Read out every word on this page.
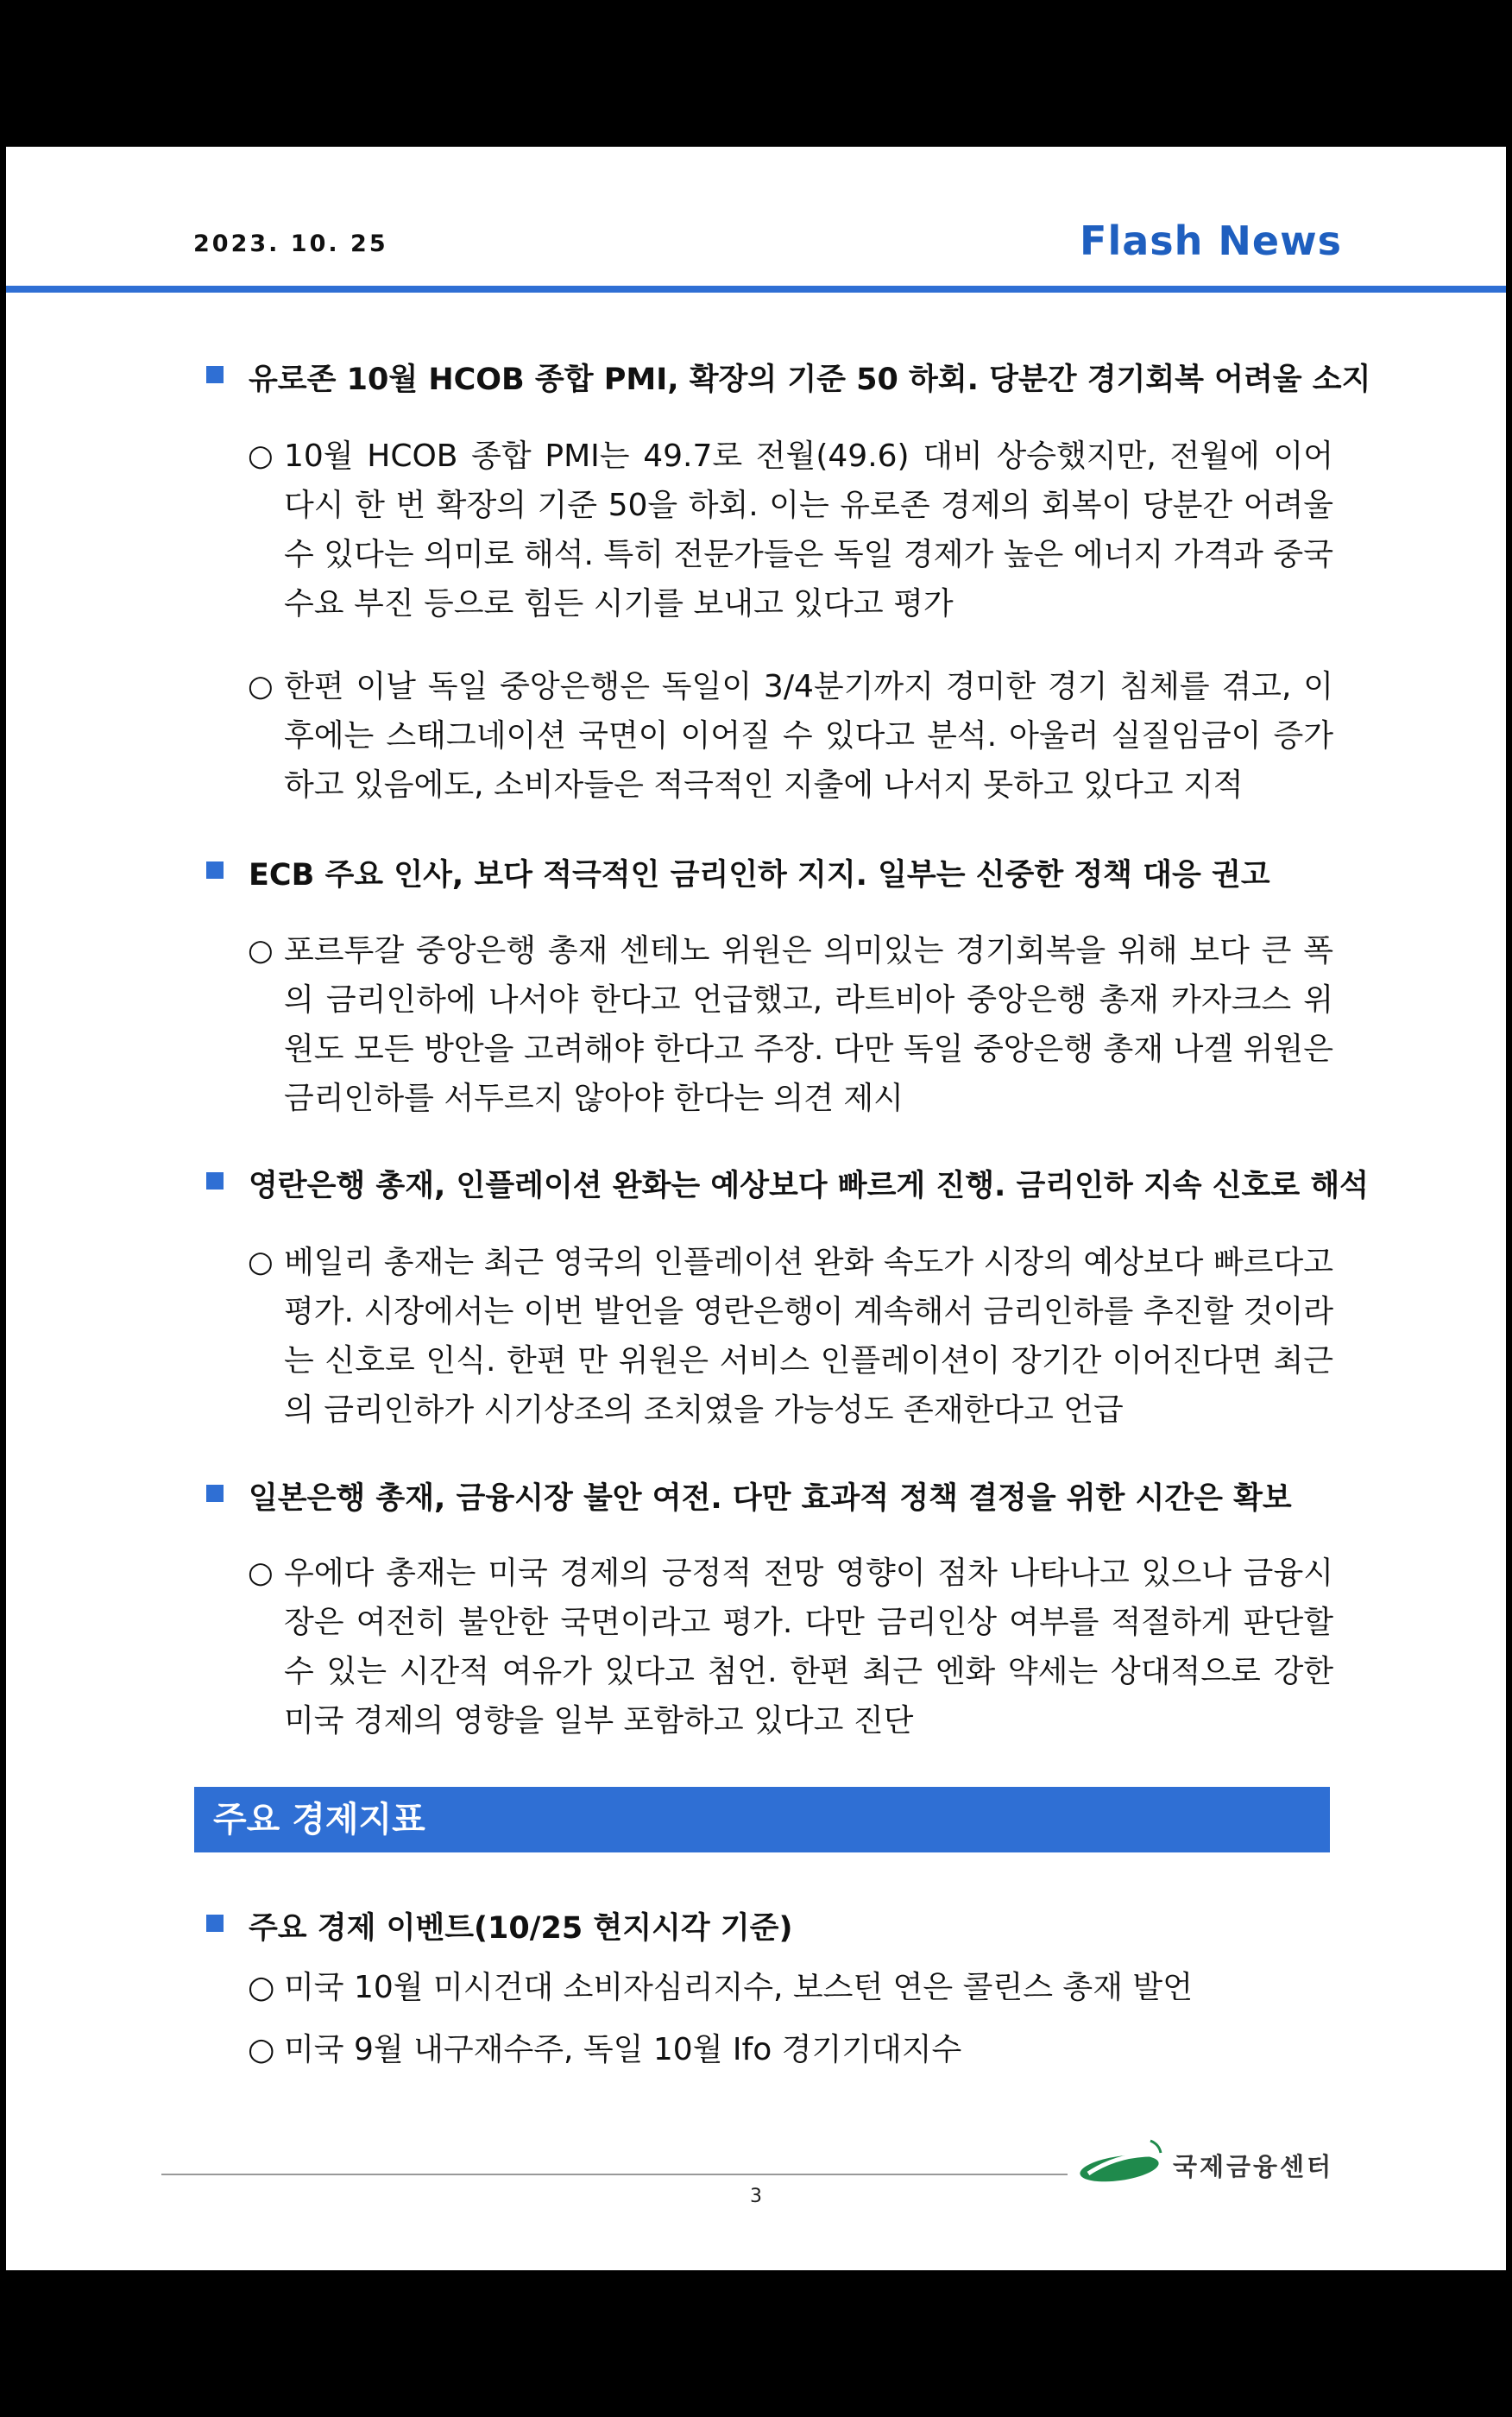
2023. 10. 25	Flash News
유로존 10월 HCOB 종합 PMI, 확장의 기준 50 하회. 당분간 경기회복 어려울 소지
○ 10월 HCOB 종합 PMI는 49.7로 전월(49.6) 대비 상승했지만, 전월에 이어 다시 한 번 확장의 기준 50을 하회. 이는 유로존 경제의 회복이 당분간 어려울 수 있다는 의미로 해석. 특히 전문가들은 독일 경제가 높은 에너지 가격과 중국 수요 부진 등으로 힘든 시기를 보내고 있다고 평가
○ 한편 이날 독일 중앙은행은 독일이 3/4분기까지 경미한 경기 침체를 겪고, 이후에는 스태그네이션 국면이 이어질 수 있다고 분석. 아울러 실질임금이 증가하고 있음에도, 소비자들은 적극적인 지출에 나서지 못하고 있다고 지적
ECB 주요 인사, 보다 적극적인 금리인하 지지. 일부는 신중한 정책 대응 권고
○ 포르투갈 중앙은행 총재 센테노 위원은 의미있는 경기회복을 위해 보다 큰 폭의 금리인하에 나서야 한다고 언급했고, 라트비아 중앙은행 총재 카자크스 위원도 모든 방안을 고려해야 한다고 주장. 다만 독일 중앙은행 총재 나겔 위원은 금리인하를 서두르지 않아야 한다는 의견 제시
영란은행 총재, 인플레이션 완화는 예상보다 빠르게 진행. 금리인하 지속 신호로 해석
○ 베일리 총재는 최근 영국의 인플레이션 완화 속도가 시장의 예상보다 빠르다고 평가. 시장에서는 이번 발언을 영란은행이 계속해서 금리인하를 추진할 것이라는 신호로 인식. 한편 만 위원은 서비스 인플레이션이 장기간 이어진다면 최근의 금리인하가 시기상조의 조치였을 가능성도 존재한다고 언급
일본은행 총재, 금융시장 불안 여전. 다만 효과적 정책 결정을 위한 시간은 확보
○ 우에다 총재는 미국 경제의 긍정적 전망 영향이 점차 나타나고 있으나 금융시장은 여전히 불안한 국면이라고 평가. 다만 금리인상 여부를 적절하게 판단할 수 있는 시간적 여유가 있다고 첨언. 한편 최근 엔화 약세는 상대적으로 강한 미국 경제의 영향을 일부 포함하고 있다고 진단
주요 경제지표
주요 경제 이벤트(10/25 현지시각 기준)
○ 미국 10월 미시건대 소비자심리지수, 보스턴 연은 콜린스 총재 발언
○ 미국 9월 내구재수주, 독일 10월 Ifo 경기기대지수
국제금융센터
3
